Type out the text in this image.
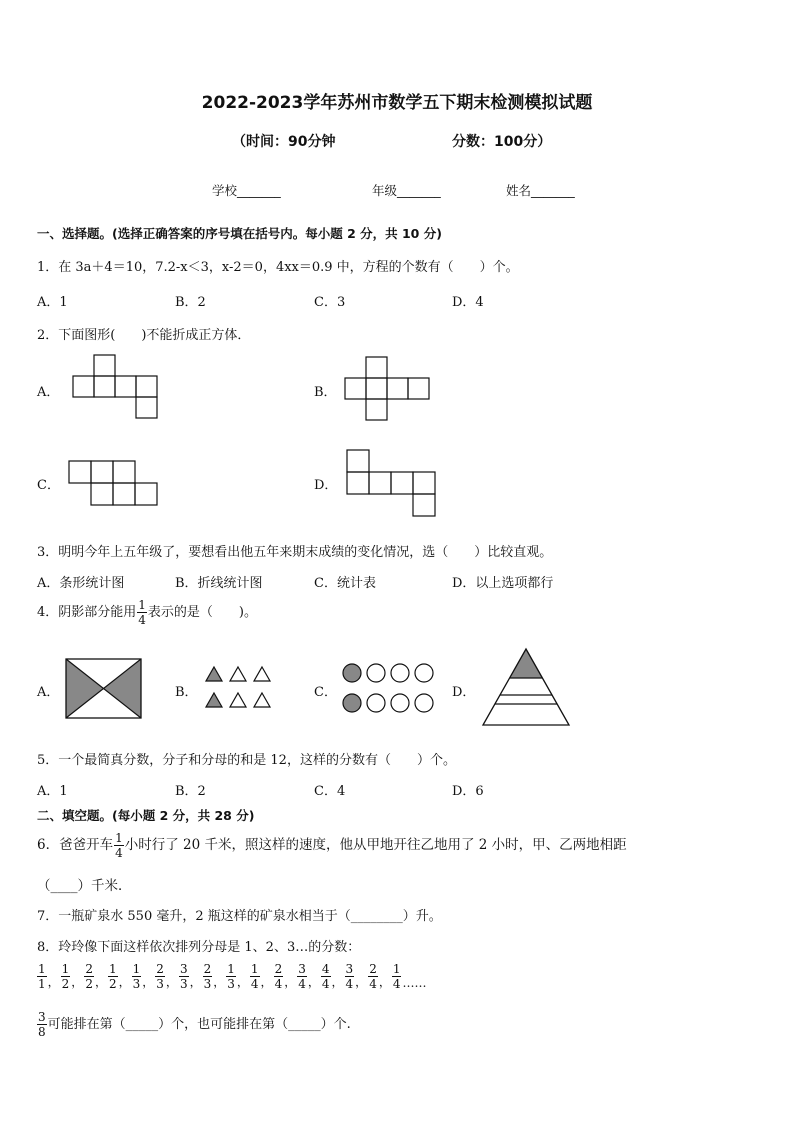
2022-2023学年苏州市数学五下期末检测模拟试题
（时间：90分钟	分数：100分）
学校_______	年级_______	姓名_______
一、选择题。(选择正确答案的序号填在括号内。每小题 2 分，共 10 分)
1．在 3a＋4＝10，7.2-x＜3，x-2＝0，4xx＝0.9 中，方程的个数有（　　）个。
A．1	B．2	C．3	D．4
2．下面图形(　　)不能折成正方体．
A．	B．
C．	D．
3．明明今年上五年级了，要想看出他五年来期末成绩的变化情况，选（　　）比较直观。
A．条形统计图	B．折线统计图	C．统计表	D．以上选项都行
4．阴影部分能用 $\frac{1}{4}$ 表示的是（　　)。
A．	B．	C．	D．
5．一个最简真分数，分子和分母的和是 12，这样的分数有（　　）个。
A．1	B．2	C．4	D．6
二、填空题。(每小题 2 分，共 28 分)
6．爸爸开车 $\frac{1}{4}$ 小时行了 20 千米，照这样的速度，他从甲地开往乙地用了 2 小时，甲、乙两地相距
（____）千米．
7．一瓶矿泉水 550 毫升，2 瓶这样的矿泉水相当于（________）升。
8．玲玲像下面这样依次排列分母是 1、2、3…的分数：
$\frac{1}{1}$ ， $\frac{1}{2}$ ， $\frac{2}{2}$ ， $\frac{1}{2}$ ， $\frac{1}{3}$ ， $\frac{2}{3}$ ， $\frac{3}{3}$ ， $\frac{2}{3}$ ， $\frac{1}{3}$ ， $\frac{1}{4}$ ， $\frac{2}{4}$ ， $\frac{3}{4}$ ， $\frac{4}{4}$ ， $\frac{3}{4}$ ， $\frac{2}{4}$ ， $\frac{1}{4}$ ……
$\frac{3}{8}$ 可能排在第（_____）个，也可能排在第（_____）个.
